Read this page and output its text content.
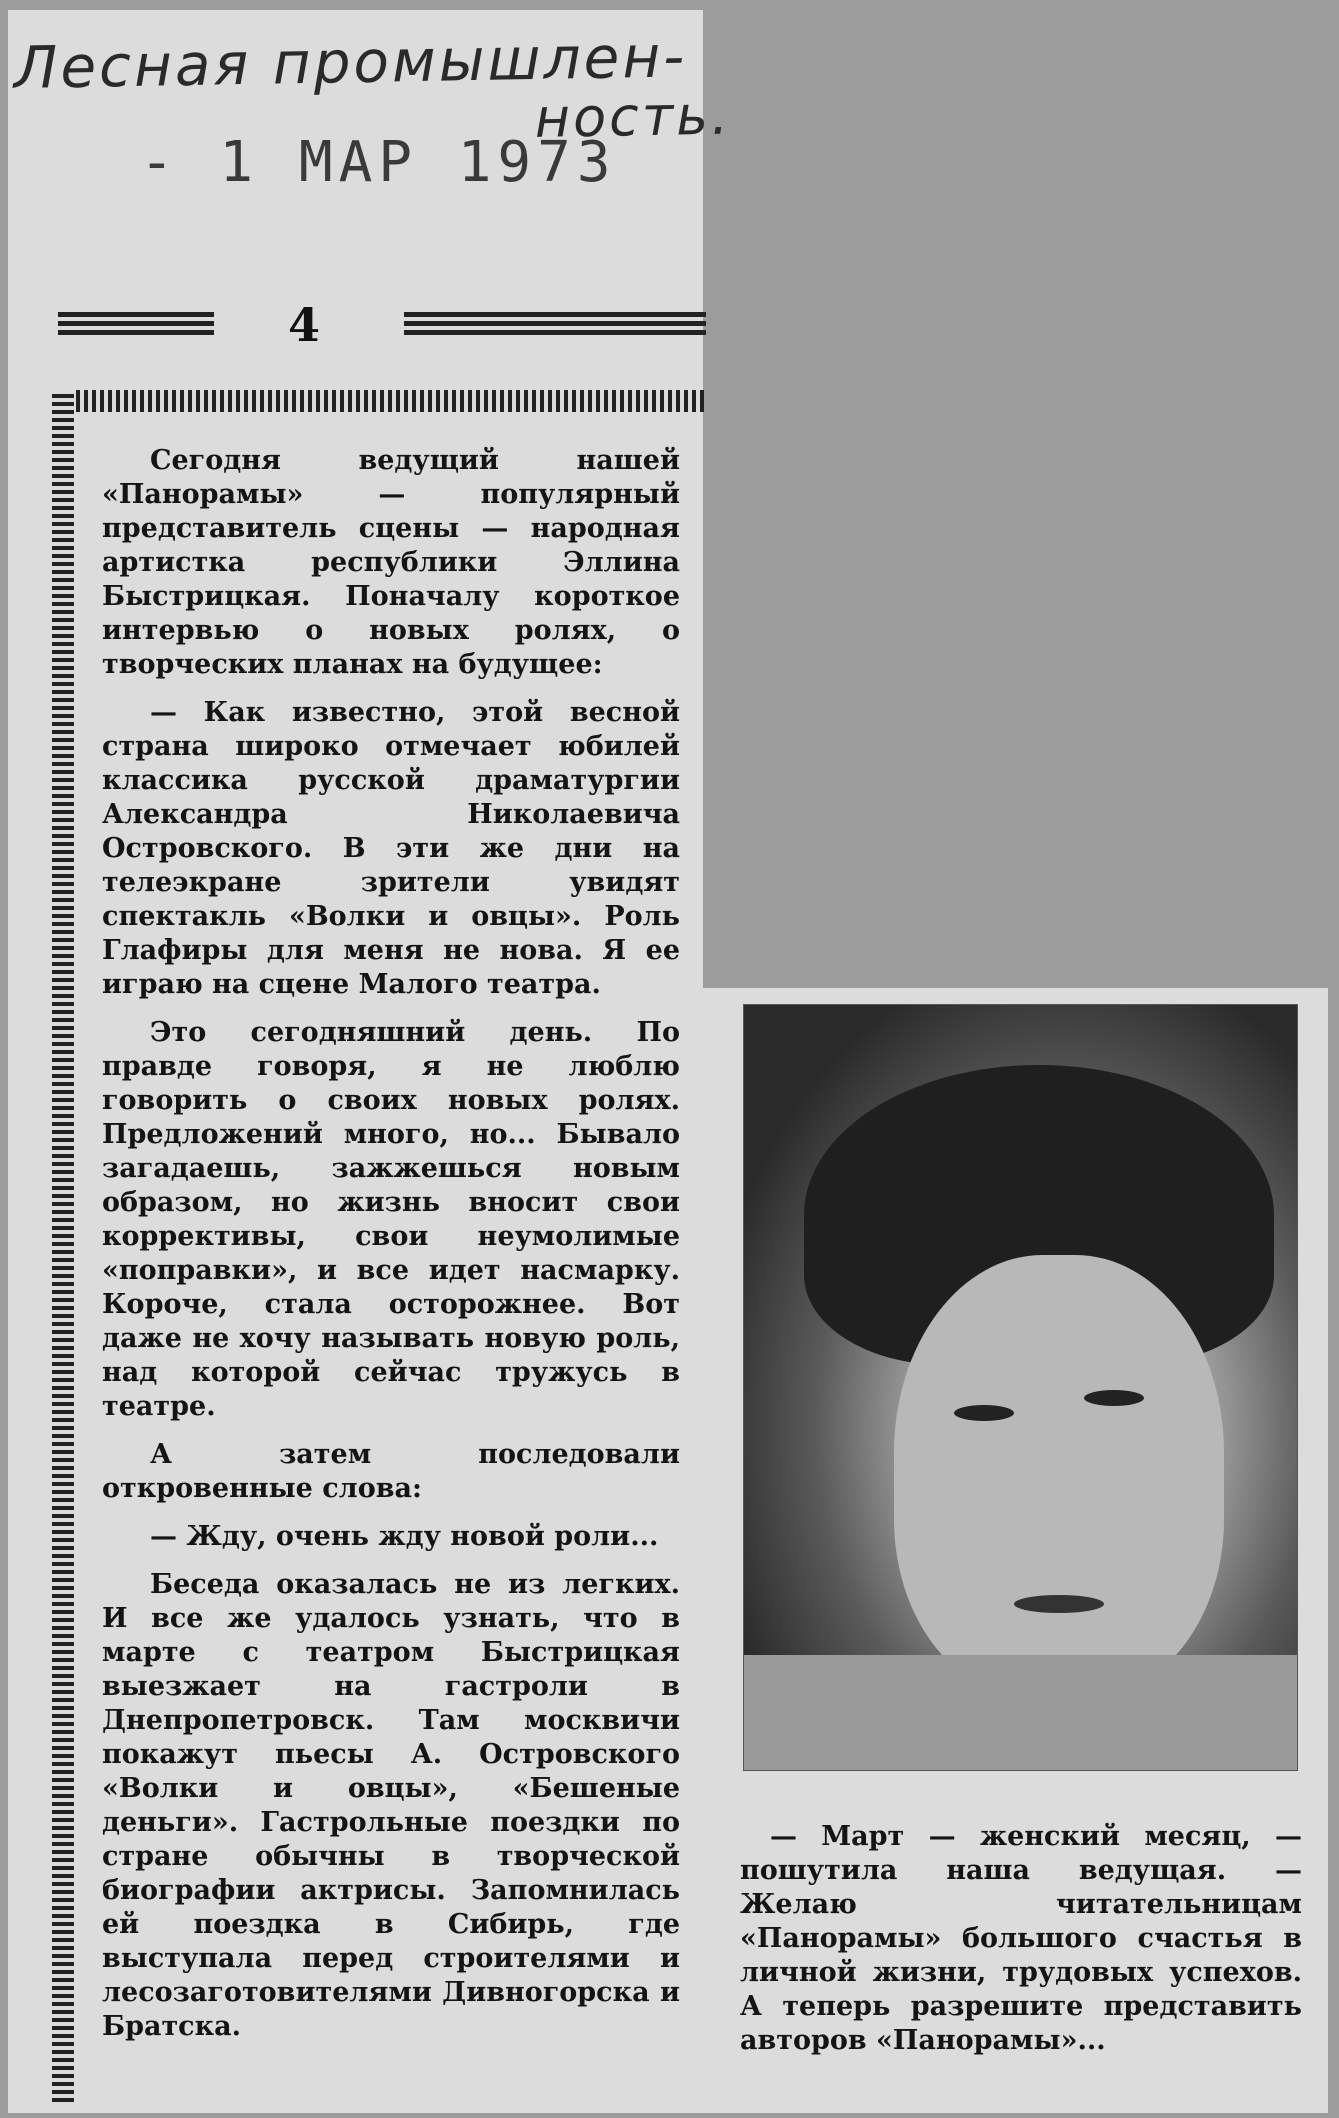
Лесная промышлен-
ность.
- 1 МАР 1973
4

Сегодня ведущий нашей «Панорамы» — популярный представитель сцены — народная артистка республики Эллина Быстрицкая. Поначалу короткое интервью о новых ролях, о творческих планах на будущее:

— Как известно, этой весной страна широко отмечает юбилей классика русской драматургии Александра Николаевича Островского. В эти же дни на телеэкране зрители увидят спектакль «Волки и овцы». Роль Глафиры для меня не нова. Я ее играю на сцене Малого театра.

Это сегодняшний день. По правде говоря, я не люблю говорить о своих новых ролях. Предложений много, но... Бывало загадаешь, зажжешься новым образом, но жизнь вносит свои коррективы, свои неумолимые «поправки», и все идет насмарку. Короче, стала осторожнее. Вот даже не хочу называть новую роль, над которой сейчас тружусь в театре.

А затем последовали откровенные слова:

— Жду, очень жду новой роли...

Беседа оказалась не из легких. И все же удалось узнать, что в марте с театром Быстрицкая выезжает на гастроли в Днепропетровск. Там москвичи покажут пьесы А. Островского «Волки и овцы», «Бешеные деньги». Гастрольные поездки по стране обычны в творческой биографии актрисы. Запомнилась ей поездка в Сибирь, где выступала перед строителями и лесозаготовителями Дивногорска и Братска.

— Март — женский месяц, — пошутила наша ведущая. — Желаю читательницам «Панорамы» большого счастья в личной жизни, трудовых успехов. А теперь разрешите представить авторов «Панорамы»...
